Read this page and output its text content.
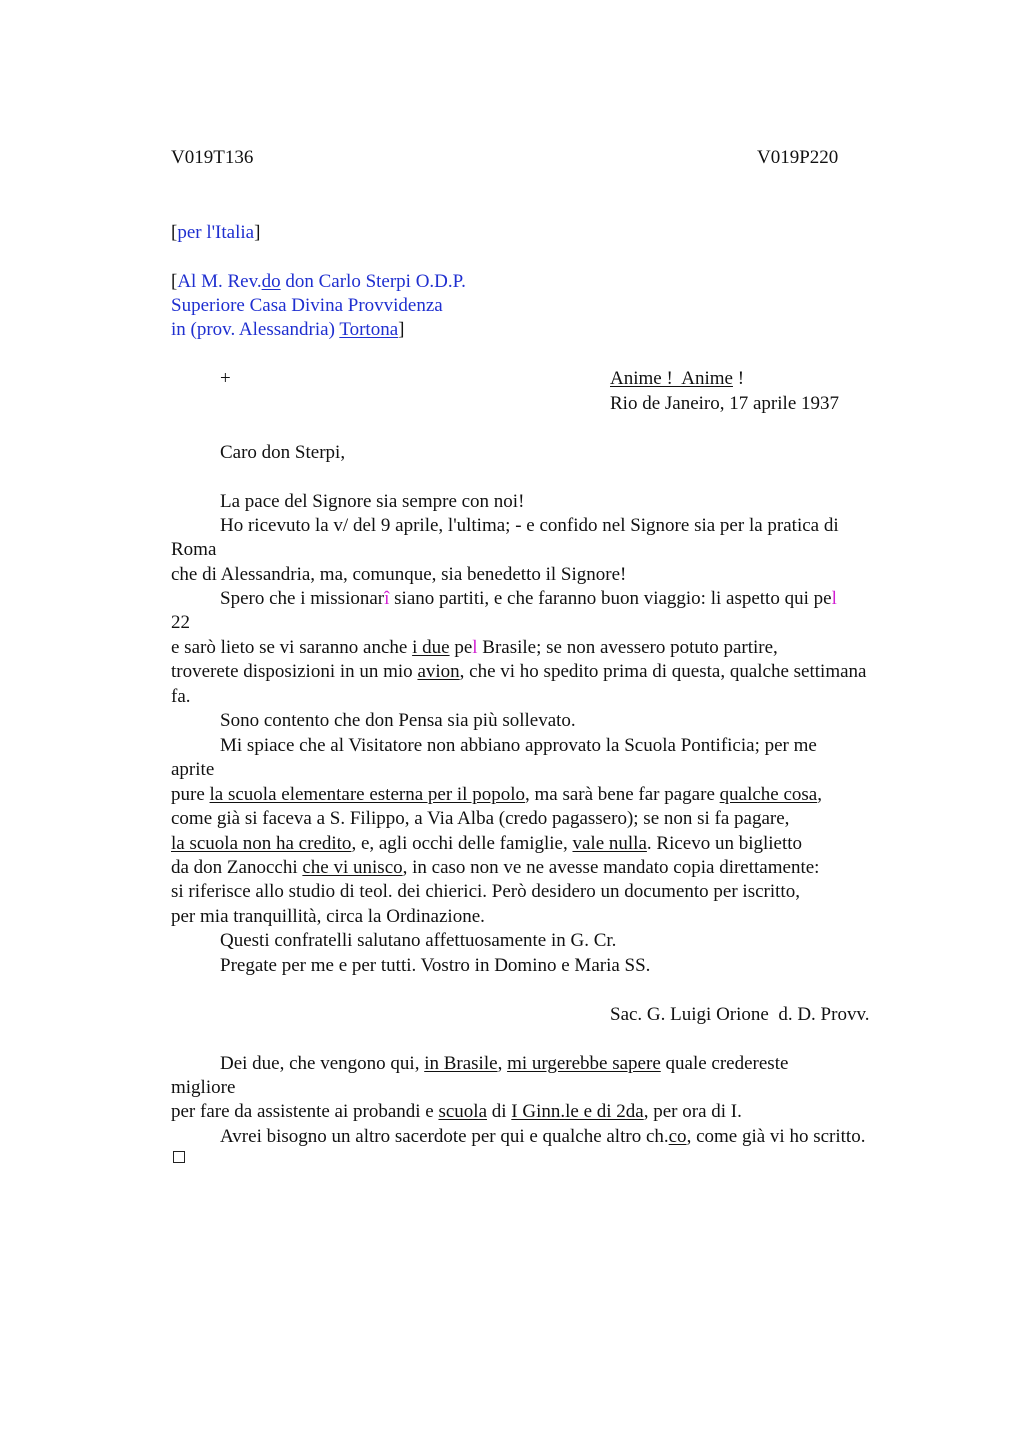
V019T136	V019P220
[per l'Italia]
[Al M. Rev.do don Carlo Sterpi O.D.P.
Superiore Casa Divina Provvidenza
in (prov. Alessandria) Tortona]
+	Anime !  Anime !
Rio de Janeiro, 17 aprile 1937
Caro don Sterpi,
La pace del Signore sia sempre con noi!
Ho ricevuto la v/ del 9 aprile, l'ultima; - e confido nel Signore sia per la pratica di
Roma
che di Alessandria, ma, comunque, sia benedetto il Signore!
Spero che i missionarî siano partiti, e che faranno buon viaggio: li aspetto qui pel
22
e sarò lieto se vi saranno anche i due pel Brasile; se non avessero potuto partire,
troverete disposizioni in un mio avion, che vi ho spedito prima di questa, qualche settimana
fa.
Sono contento che don Pensa sia più sollevato.
Mi spiace che al Visitatore non abbiano approvato la Scuola Pontificia; per me
aprite
pure la scuola elementare esterna per il popolo, ma sarà bene far pagare qualche cosa,
come già si faceva a S. Filippo, a Via Alba (credo pagassero); se non si fa pagare,
la scuola non ha credito, e, agli occhi delle famiglie, vale nulla. Ricevo un biglietto
da don Zanocchi che vi unisco, in caso non ve ne avesse mandato copia direttamente:
si riferisce allo studio di teol. dei chierici. Però desidero un documento per iscritto,
per mia tranquillità, circa la Ordinazione.
Questi confratelli salutano affettuosamente in G. Cr.
Pregate per me e per tutti. Vostro in Domino e Maria SS.
Sac. G. Luigi Orione  d. D. Provv.
Dei due, che vengono qui, in Brasile, mi urgerebbe sapere quale credereste
migliore
per fare da assistente ai probandi e scuola di I Ginn.le e di 2da, per ora di I.
Avrei bisogno un altro sacerdote per qui e qualche altro ch.co, come già vi ho scritto.
